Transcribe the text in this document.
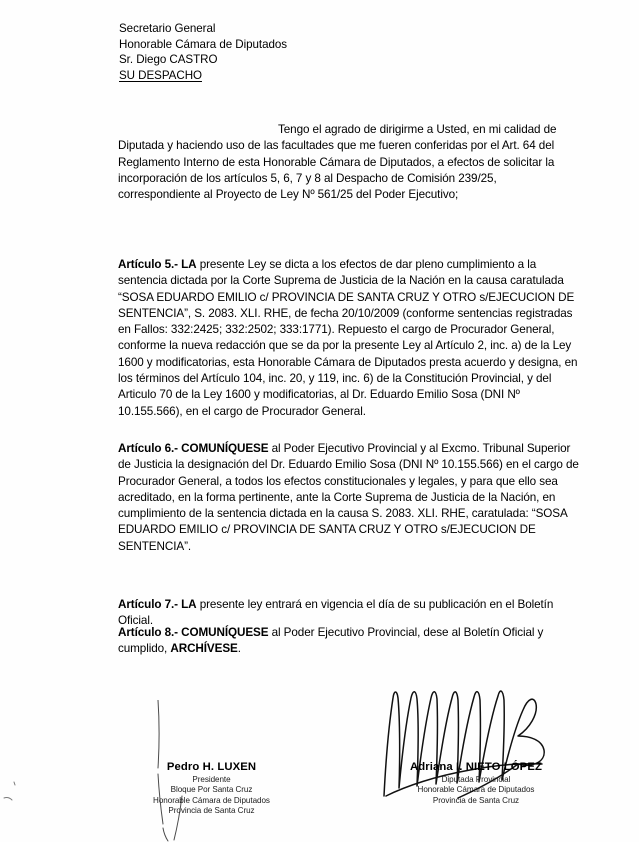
Secretario General
Honorable Cámara de Diputados
Sr. Diego CASTRO
SU DESPACHO

Tengo el agrado de dirigirme a Usted, en mi calidad de Diputada y haciendo uso de las facultades que me fueren conferidas por el Art. 64 del Reglamento Interno de esta Honorable Cámara de Diputados, a efectos de solicitar la incorporación de los artículos 5, 6, 7 y 8 al Despacho de Comisión 239/25, correspondiente al Proyecto de Ley Nº 561/25 del Poder Ejecutivo;

Artículo 5.- LA presente Ley se dicta a los efectos de dar pleno cumplimiento a la sentencia dictada por la Corte Suprema de Justicia de la Nación en la causa caratulada “SOSA EDUARDO EMILIO c/ PROVINCIA DE SANTA CRUZ Y OTRO s/EJECUCION DE SENTENCIA”, S. 2083. XLI. RHE, de fecha 20/10/2009 (conforme sentencias registradas en Fallos: 332:2425; 332:2502; 333:1771). Repuesto el cargo de Procurador General, conforme la nueva redacción que se da por la presente Ley al Artículo 2, inc. a) de la Ley 1600 y modificatorias, esta Honorable Cámara de Diputados presta acuerdo y designa, en los términos del Artículo 104, inc. 20, y 119, inc. 6) de la Constitución Provincial, y del Articulo 70 de la Ley 1600 y modificatorias, al Dr. Eduardo Emilio Sosa (DNI Nº 10.155.566), en el cargo de Procurador General.

Artículo 6.- COMUNÍQUESE al Poder Ejecutivo Provincial y al Excmo. Tribunal Superior de Justicia la designación del Dr. Eduardo Emilio Sosa (DNI Nº 10.155.566) en el cargo de Procurador General, a todos los efectos constitucionales y legales, y para que ello sea acreditado, en la forma pertinente, ante la Corte Suprema de Justicia de la Nación, en cumplimiento de la sentencia dictada en la causa S. 2083. XLI. RHE, caratulada: “SOSA EDUARDO EMILIO c/ PROVINCIA DE SANTA CRUZ Y OTRO s/EJECUCION DE SENTENCIA”.

Artículo 7.- LA presente ley entrará en vigencia el día de su publicación en el Boletín Oficial.

Artículo 8.- COMUNÍQUESE al Poder Ejecutivo Provincial, dese al Boletín Oficial y cumplido, ARCHÍVESE.

Pedro H. LUXEN
Presidente
Bloque Por Santa Cruz
Honorable Cámara de Diputados
Provincia de Santa Cruz
Adriana I. NIETO LÓPEZ
Diputada Provincial
Honorable Cámara de Diputados
Provincia de Santa Cruz
